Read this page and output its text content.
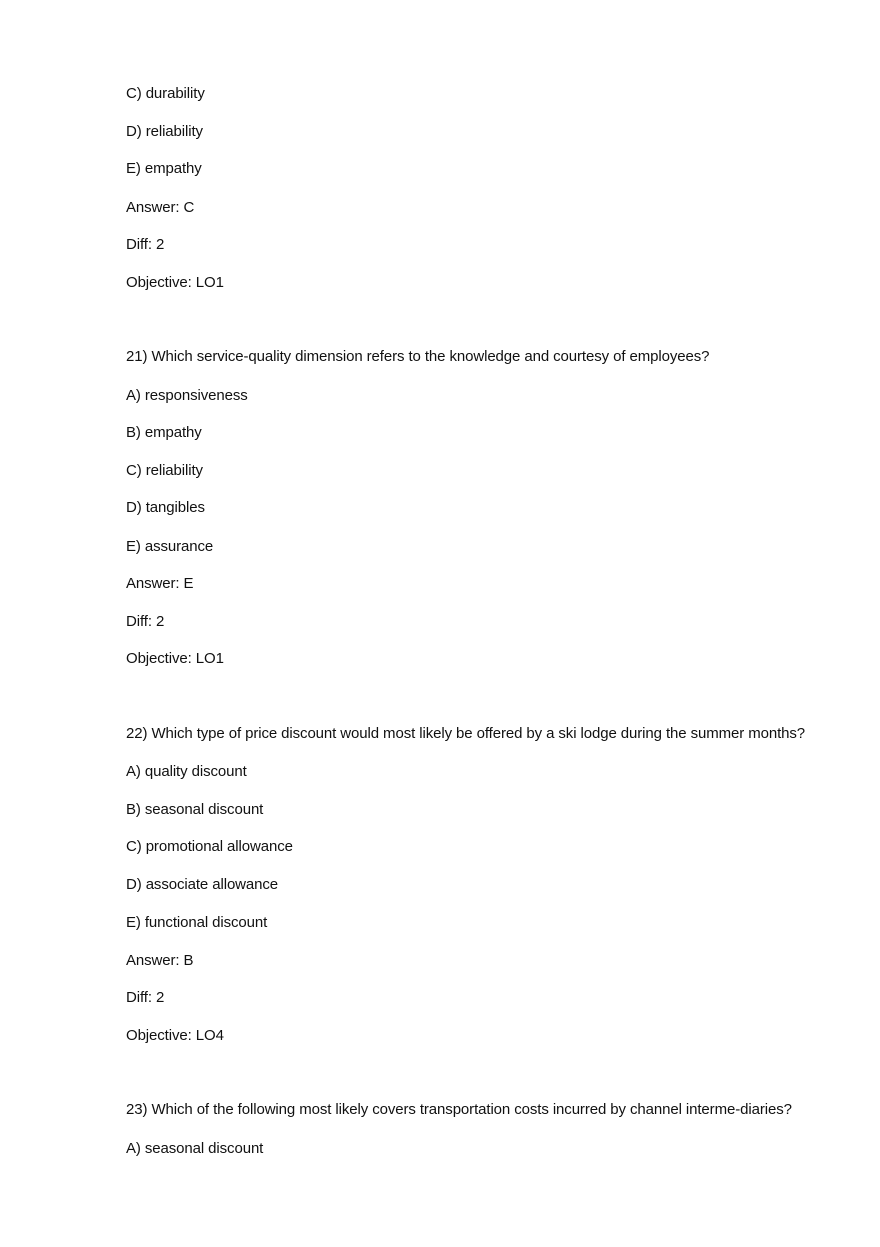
C) durability
D) reliability
E) empathy
Answer: C
Diff: 2
Objective: LO1
21) Which service-quality dimension refers to the knowledge and courtesy of employees?
A) responsiveness
B) empathy
C) reliability
D) tangibles
E) assurance
Answer: E
Diff: 2
Objective: LO1
22) Which type of price discount would most likely be offered by a ski lodge during the summer months?
A) quality discount
B) seasonal discount
C) promotional allowance
D) associate allowance
E) functional discount
Answer: B
Diff: 2
Objective: LO4
23) Which of the following most likely covers transportation costs incurred by channel interme-diaries?
A) seasonal discount
